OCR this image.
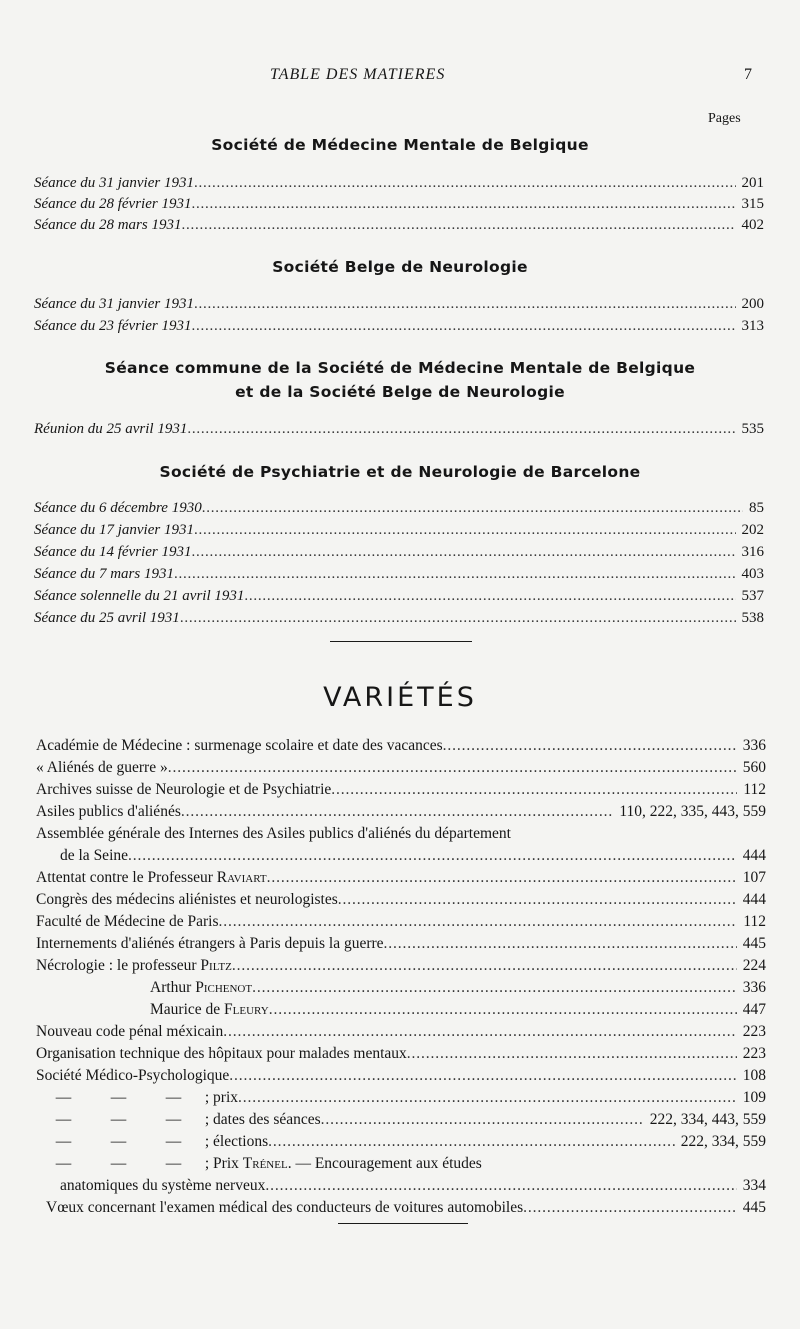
TABLE DES MATIERES	7
Pages
Société de Médecine Mentale de Belgique
Séance du 31 janvier 1931 . . .	201
Séance du 28 février 1931 . . .	315
Séance du 28 mars 1931 . . .	402
Société Belge de Neurologie
Séance du 31 janvier 1931 . . .	200
Séance du 23 février 1931 . . .	313
Séance commune de la Société de Médecine Mentale de Belgique
et de la Société Belge de Neurologie
Réunion du 25 avril 1931 . . .	535
Société de Psychiatrie et de Neurologie de Barcelone
Séance du 6 décembre 1930 . . .	85
Séance du 17 janvier 1931 . . .	202
Séance du 14 février 1931 . . .	316
Séance du 7 mars 1931 . . .	403
Séance solennelle du 21 avril 1931 . . .	537
Séance du 25 avril 1931 . . .	538
VARIÉTÉS
Académie de Médecine : surmenage scolaire et date des vacances . . .	336
« Aliénés de guerre » . . .	560
Archives suisse de Neurologie et de Psychiatrie . . .	112
Asiles publics d'aliénés . . .	110, 222, 335, 443, 559
Assemblée générale des Internes des Asiles publics d'aliénés du département
de la Seine . . .	444
Attentat contre le Professeur Raviart . . .	107
Congrès des médecins aliénistes et neurologistes . . .	444
Faculté de Médecine de Paris . . .	112
Internements d'aliénés étrangers à Paris depuis la guerre . . .	445
Nécrologie : le professeur Piltz . . .	224
Arthur Pichenot . . .	336
Maurice de Fleury . . .	447
Nouveau code pénal méxicain . . .	223
Organisation technique des hôpitaux pour malades mentaux . . .	223
Société Médico-Psychologique . . .	108
—	—	— ; prix . . .	109
—	—	— ; dates des séances . . .	222, 334, 443, 559
—	—	— ; élections . . .	222, 334, 559
—	—	— ; Prix Trénel. — Encouragement aux études
anatomiques du système nerveux . . .	334
Vœux concernant l'examen médical des conducteurs de voitures automobiles . . .	445
